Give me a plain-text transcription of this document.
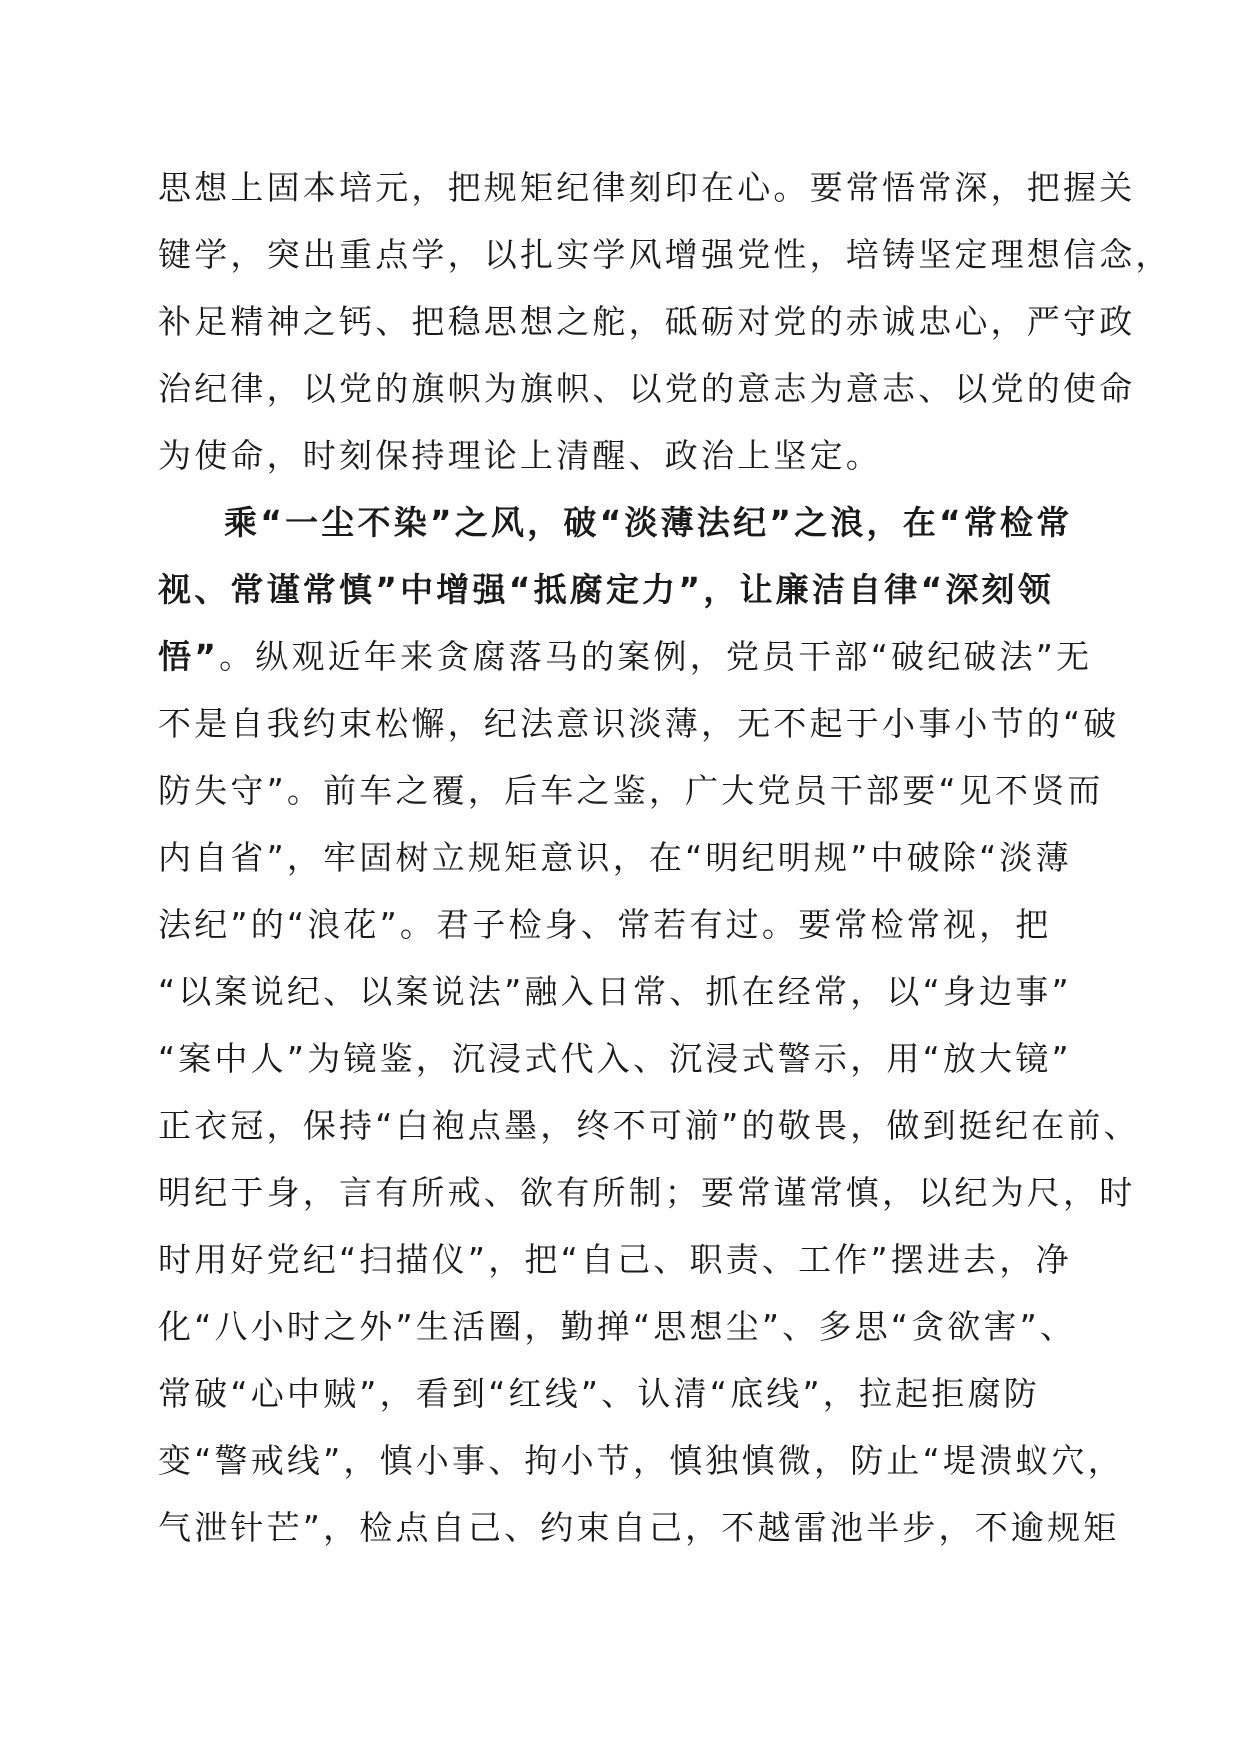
思想上固本培元，把规矩纪律刻印在心。要常悟常深，把握关
键学，突出重点学，以扎实学风增强党性，培铸坚定理想信念，
补足精神之钙、把稳思想之舵，砥砺对党的赤诚忠心，严守政
治纪律，以党的旗帜为旗帜、以党的意志为意志、以党的使命
为使命，时刻保持理论上清醒、政治上坚定。
乘“一尘不染”之风，破“淡薄法纪”之浪，在“常检常
视、常谨常慎”中增强“抵腐定力”，让廉洁自律“深刻领
悟”。纵观近年来贪腐落马的案例，党员干部“破纪破法”无
不是自我约束松懈，纪法意识淡薄，无不起于小事小节的“破
防失守”。前车之覆，后车之鉴，广大党员干部要“见不贤而
内自省”，牢固树立规矩意识，在“明纪明规”中破除“淡薄
法纪”的“浪花”。君子检身、常若有过。要常检常视，把
“以案说纪、以案说法”融入日常、抓在经常，以“身边事”
“案中人”为镜鉴，沉浸式代入、沉浸式警示，用“放大镜”
正衣冠，保持“白袍点墨，终不可湔”的敬畏，做到挺纪在前、
明纪于身，言有所戒、欲有所制；要常谨常慎，以纪为尺，时
时用好党纪“扫描仪”，把“自己、职责、工作”摆进去，净
化“八小时之外”生活圈，勤掸“思想尘”、多思“贪欲害”、
常破“心中贼”，看到“红线”、认清“底线”，拉起拒腐防
变“警戒线”，慎小事、拘小节，慎独慎微，防止“堤溃蚁穴，
气泄针芒”，检点自己、约束自己，不越雷池半步，不逾规矩
